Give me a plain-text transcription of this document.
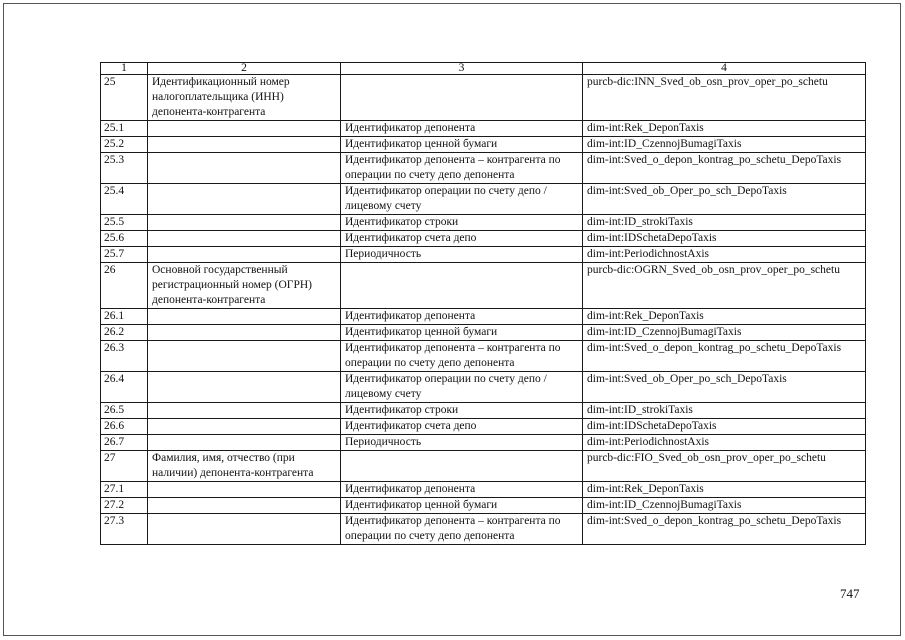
1	2	3	4
25	Идентификационный номер налогоплательщика (ИНН) депонента-контрагента		purcb-dic:INN_Sved_ob_osn_prov_oper_po_schetu
25.1		Идентификатор депонента	dim-int:Rek_DeponTaxis
25.2		Идентификатор ценной бумаги	dim-int:ID_CzennojBumagiTaxis
25.3		Идентификатор депонента – контрагента по операции по счету депо депонента	dim-int:Sved_o_depon_kontrag_po_schetu_DepoTaxis
25.4		Идентификатор операции по счету депо / лицевому счету	dim-int:Sved_ob_Oper_po_sch_DepoTaxis
25.5		Идентификатор строки	dim-int:ID_strokiTaxis
25.6		Идентификатор счета депо	dim-int:IDSchetaDepoTaxis
25.7		Периодичность	dim-int:PeriodichnostAxis
26	Основной государственный регистрационный номер (ОГРН) депонента-контрагента		purcb-dic:OGRN_Sved_ob_osn_prov_oper_po_schetu
26.1		Идентификатор депонента	dim-int:Rek_DeponTaxis
26.2		Идентификатор ценной бумаги	dim-int:ID_CzennojBumagiTaxis
26.3		Идентификатор депонента – контрагента по операции по счету депо депонента	dim-int:Sved_o_depon_kontrag_po_schetu_DepoTaxis
26.4		Идентификатор операции по счету депо / лицевому счету	dim-int:Sved_ob_Oper_po_sch_DepoTaxis
26.5		Идентификатор строки	dim-int:ID_strokiTaxis
26.6		Идентификатор счета депо	dim-int:IDSchetaDepoTaxis
26.7		Периодичность	dim-int:PeriodichnostAxis
27	Фамилия, имя, отчество (при наличии) депонента-контрагента		purcb-dic:FIO_Sved_ob_osn_prov_oper_po_schetu
27.1		Идентификатор депонента	dim-int:Rek_DeponTaxis
27.2		Идентификатор ценной бумаги	dim-int:ID_CzennojBumagiTaxis
27.3		Идентификатор депонента – контрагента по операции по счету депо депонента	dim-int:Sved_o_depon_kontrag_po_schetu_DepoTaxis
747
